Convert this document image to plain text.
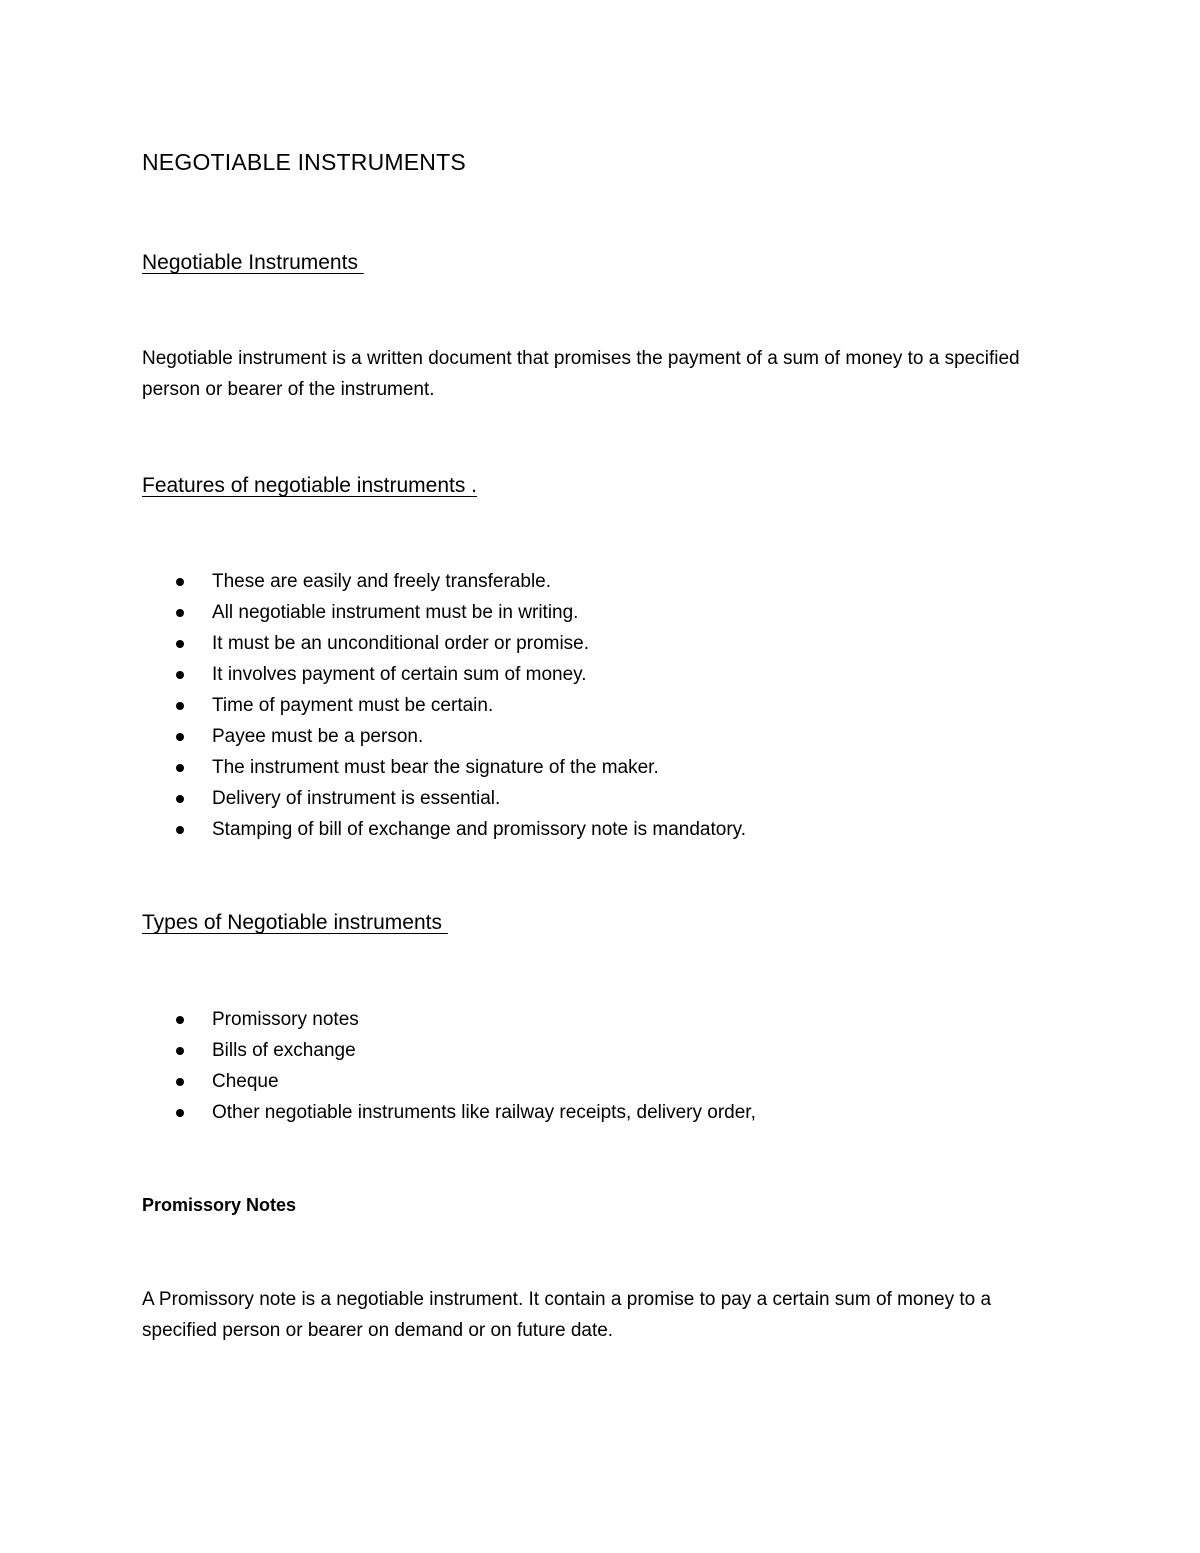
NEGOTIABLE INSTRUMENTS
Negotiable Instruments
Negotiable instrument is a written document that promises the payment of a sum of money to a specified person or bearer of the instrument.
Features of negotiable instruments .
These are easily and freely transferable.
All negotiable instrument must be in writing.
It must be an unconditional order or promise.
It involves payment of certain sum of money.
Time of payment must be certain.
Payee must be a person.
The instrument must bear the signature of the maker.
Delivery of instrument is essential.
Stamping of bill of exchange and promissory note is mandatory.
Types of Negotiable instruments
Promissory notes
Bills of exchange
Cheque
Other negotiable instruments like railway receipts, delivery order,
Promissory Notes
A Promissory note is a negotiable instrument. It contain a promise to pay a certain sum of money to a specified person or bearer on demand or on future date.
